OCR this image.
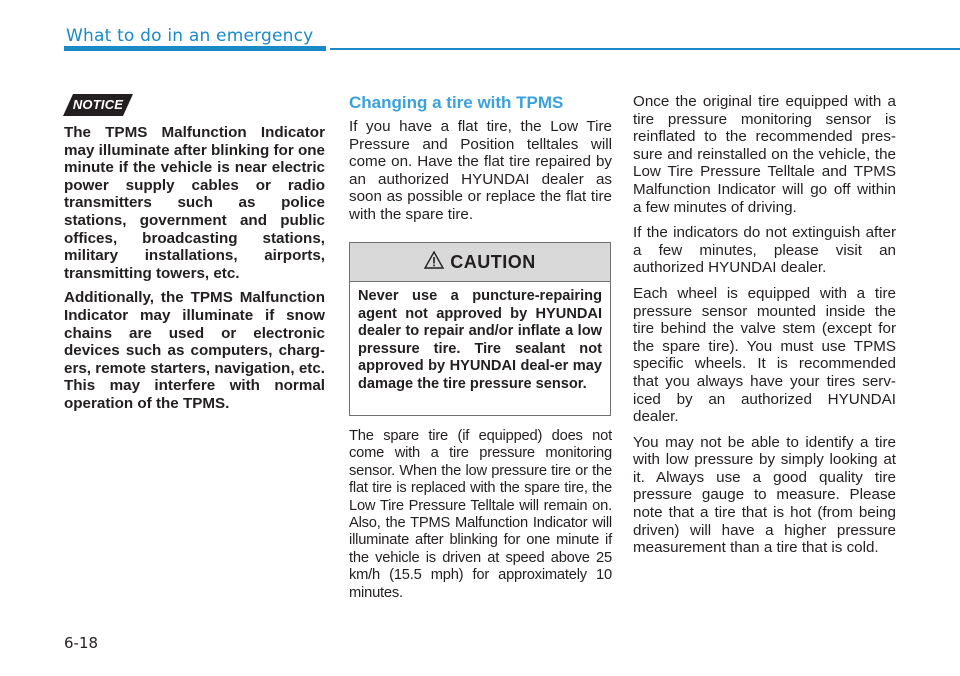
What to do in an emergency
NOTICE

The TPMS Malfunction Indicator may illuminate after blinking for one minute if the vehicle is near electric power supply cables or radio transmitters such as police stations, government and public offices, broadcasting stations, military installations, airports, transmitting towers, etc.

Additionally, the TPMS Malfunction Indicator may illuminate if snow chains are used or electronic devices such as computers, charg-ers, remote starters, navigation, etc. This may interfere with normal operation of the TPMS.

Changing a tire with TPMS

If you have a flat tire, the Low Tire Pressure and Position telltales will come on. Have the flat tire repaired by an authorized HYUNDAI dealer as soon as possible or replace the flat tire with the spare tire.

CAUTION

Never use a puncture-repairing agent not approved by HYUNDAI dealer to repair and/or inflate a low pressure tire. Tire sealant not approved by HYUNDAI deal-er may damage the tire pressure sensor.

The spare tire (if equipped) does not come with a tire pressure monitoring sensor. When the low pressure tire or the flat tire is replaced with the spare tire, the Low Tire Pressure Telltale will remain on. Also, the TPMS Malfunction Indicator will illuminate after blinking for one minute if the vehicle is driven at speed above 25 km/h (15.5 mph) for approximately 10 minutes.

Once the original tire equipped with a tire pressure monitoring sensor is reinflated to the recommended pres-sure and reinstalled on the vehicle, the Low Tire Pressure Telltale and TPMS Malfunction Indicator will go off within a few minutes of driving.

If the indicators do not extinguish after a few minutes, please visit an authorized HYUNDAI dealer.

Each wheel is equipped with a tire pressure sensor mounted inside the tire behind the valve stem (except for the spare tire). You must use TPMS specific wheels. It is recommended that you always have your tires serv-iced by an authorized HYUNDAI dealer.

You may not be able to identify a tire with low pressure by simply looking at it. Always use a good quality tire pressure gauge to measure. Please note that a tire that is hot (from being driven) will have a higher pressure measurement than a tire that is cold.

6-18
